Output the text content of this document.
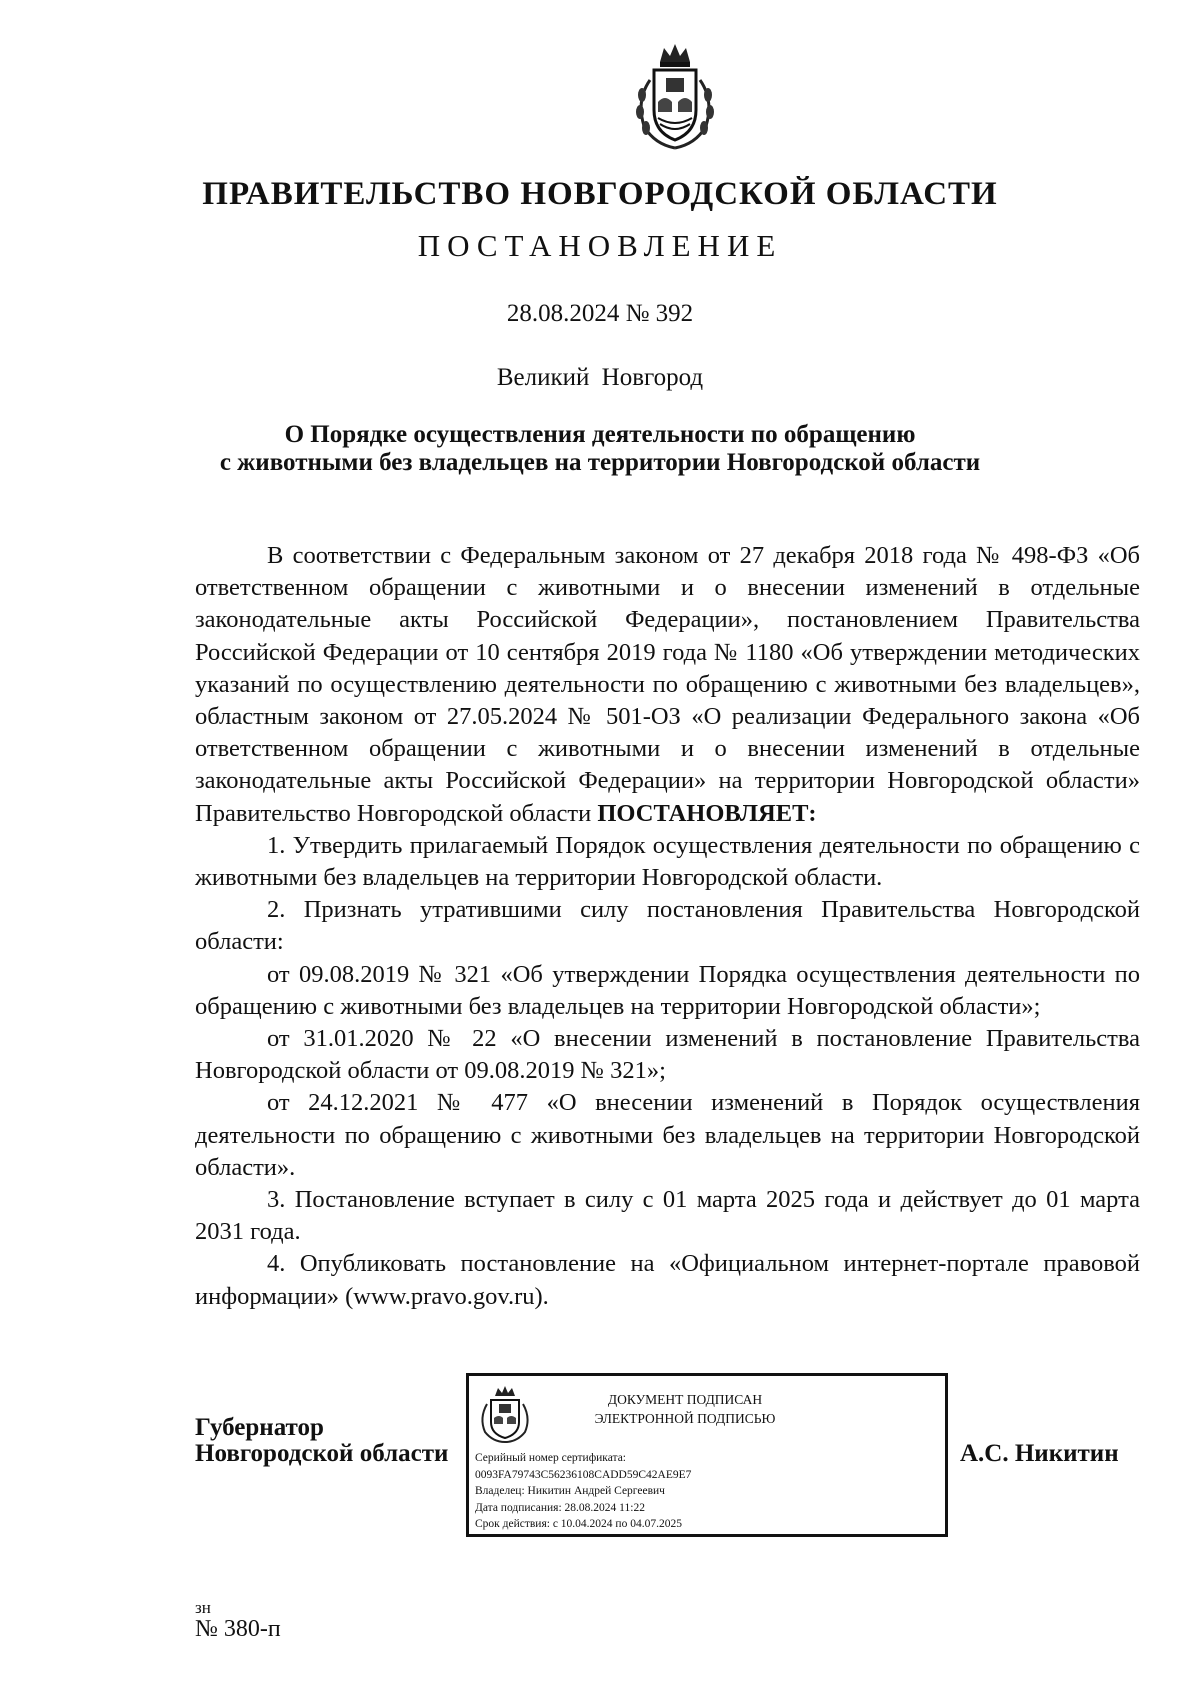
ПРАВИТЕЛЬСТВО НОВГОРОДСКОЙ ОБЛАСТИ
ПОСТАНОВЛЕНИЕ
28.08.2024 № 392
Великий Новгород
О Порядке осуществления деятельности по обращению
с животными без владельцев на территории Новгородской области

В соответствии с Федеральным законом от 27 декабря 2018 года № 498-ФЗ «Об ответственном обращении с животными и о внесении изменений в отдельные законодательные акты Российской Федерации», постановлением Правительства Российской Федерации от 10 сентября 2019 года № 1180 «Об утверждении методических указаний по осуществлению деятельности по обращению с животными без владельцев», областным законом от 27.05.2024 № 501-ОЗ «О реализации Федерального закона «Об ответственном обращении с животными и о внесении изменений в отдельные законодательные акты Российской Федерации» на территории Новгородской области» Правительство Новгородской области ПОСТАНОВЛЯЕТ:

1. Утвердить прилагаемый Порядок осуществления деятельности по обращению с животными без владельцев на территории Новгородской области.

2. Признать утратившими силу постановления Правительства Новгородской области:

от 09.08.2019 № 321 «Об утверждении Порядка осуществления деятельности по обращению с животными без владельцев на территории Новгородской области»;

от 31.01.2020 № 22 «О внесении изменений в постановление Правительства Новгородской области от 09.08.2019 № 321»;

от 24.12.2021 № 477 «О внесении изменений в Порядок осуществления деятельности по обращению с животными без владельцев на территории Новгородской области».

3. Постановление вступает в силу с 01 марта 2025 года и действует до 01 марта 2031 года.

4. Опубликовать постановление на «Официальном интернет-портале правовой информации» (www.pravo.gov.ru).

Губернатор
Новгородской области
ДОКУМЕНТ ПОДПИСАН
ЭЛЕКТРОННОЙ ПОДПИСЬЮ
Серийный номер сертификата:
0093FA79743C56236108CADD59C42AE9E7
Владелец: Никитин Андрей Сергеевич
Дата подписания: 28.08.2024 11:22
Срок действия: с 10.04.2024 по 04.07.2025
А.С. Никитин
зн
№ 380-п
